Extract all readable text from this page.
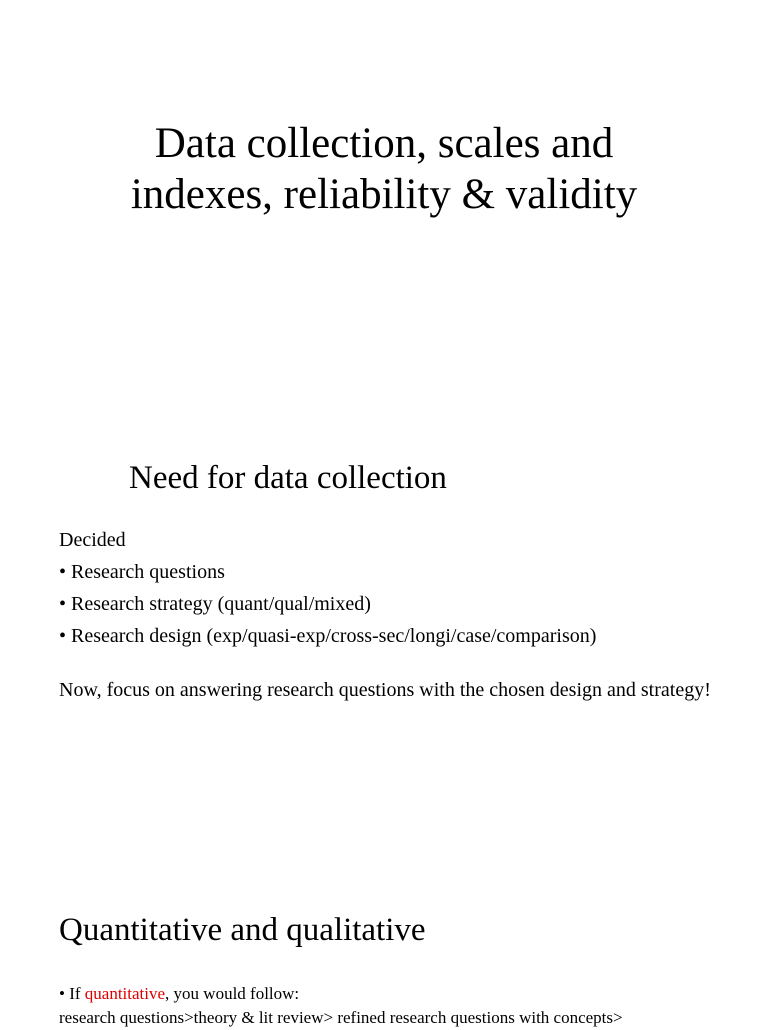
Data collection, scales and
indexes, reliability & validity
Need for data collection
Decided
• Research questions
• Research strategy (quant/qual/mixed)
• Research design (exp/quasi-exp/cross-sec/longi/case/comparison)
Now, focus on answering research questions with the chosen design and strategy!
Quantitative and qualitative
• If quantitative, you would follow:
research questions>theory & lit review> refined research questions with concepts>
